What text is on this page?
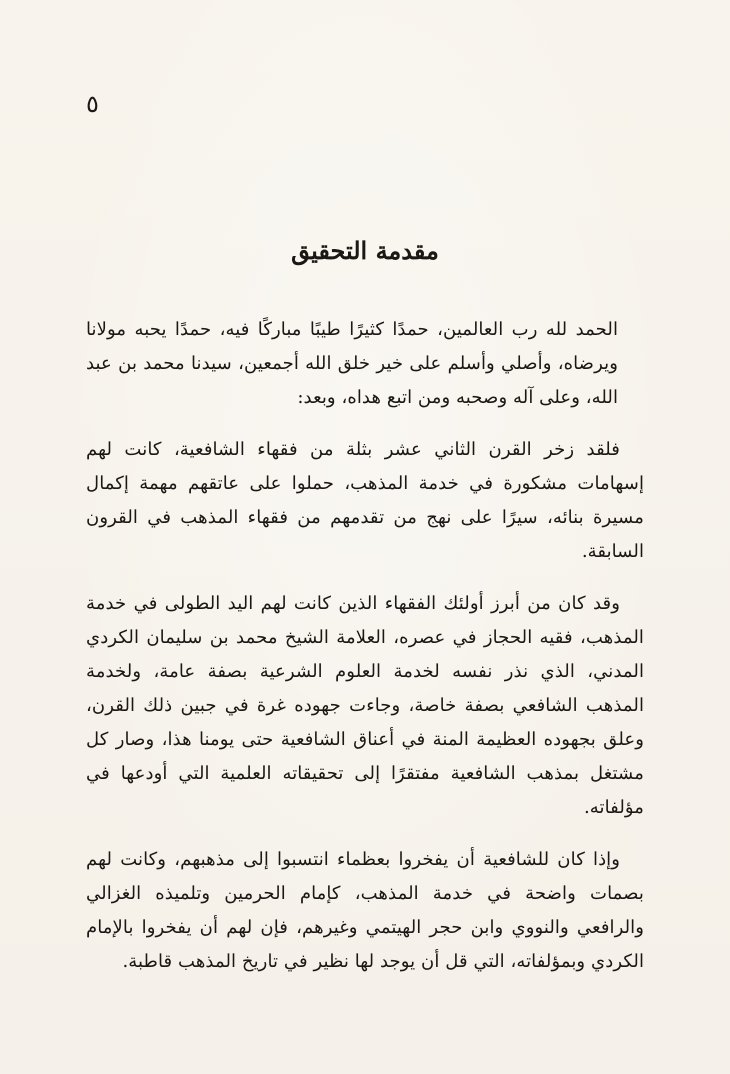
٥
مقدمة التحقيق

الحمد لله رب العالمين، حمدًا كثيرًا طيبًا مباركًا فيه، حمدًا يحبه مولانا ويرضاه، وأصلي وأسلم على خير خلق الله أجمعين، سيدنا محمد بن عبد الله، وعلى آله وصحبه ومن اتبع هداه، وبعد:

فلقد زخر القرن الثاني عشر بثلة من فقهاء الشافعية، كانت لهم إسهامات مشكورة في خدمة المذهب، حملوا على عاتقهم مهمة إكمال مسيرة بنائه، سيرًا على نهج من تقدمهم من فقهاء المذهب في القرون السابقة.

وقد كان من أبرز أولئك الفقهاء الذين كانت لهم اليد الطولى في خدمة المذهب، فقيه الحجاز في عصره، العلامة الشيخ محمد بن سليمان الكردي المدني، الذي نذر نفسه لخدمة العلوم الشرعية بصفة عامة، ولخدمة المذهب الشافعي بصفة خاصة، وجاءت جهوده غرة في جبين ذلك القرن، وعلق بجهوده العظيمة المنة في أعناق الشافعية حتى يومنا هذا، وصار كل مشتغل بمذهب الشافعية مفتقرًا إلى تحقيقاته العلمية التي أودعها في مؤلفاته.

وإذا كان للشافعية أن يفخروا بعظماء انتسبوا إلى مذهبهم، وكانت لهم بصمات واضحة في خدمة المذهب، كإمام الحرمين وتلميذه الغزالي والرافعي والنووي وابن حجر الهيتمي وغيرهم، فإن لهم أن يفخروا بالإمام الكردي وبمؤلفاته، التي قل أن يوجد لها نظير في تاريخ المذهب قاطبة.
